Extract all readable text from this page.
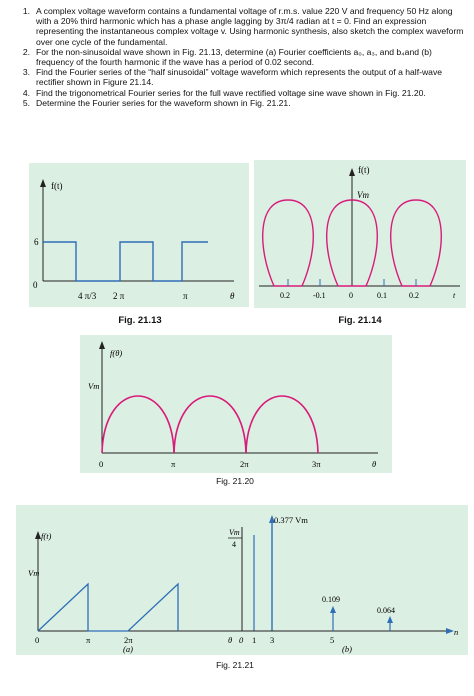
1. A complex voltage waveform contains a fundamental voltage of r.m.s. value 220 V and frequency 50 Hz along with a 20% third harmonic which has a phase angle lagging by 3π/4 radian at t = 0. Find an expression representing the instantaneous complex voltage v. Using harmonic synthesis, also sketch the complex waveform over one cycle of the fundamental.
2. For the non-sinusoidal wave shown in Fig. 21.13, determine (a) Fourier coefficients a₀, a₃, and b₄and (b) frequency of the fourth harmonic if the wave has a period of 0.02 second.
3. Find the Fourier series of the “half sinusoidal” voltage waveform which represents the output of a half-wave rectifier shown in Figure 21.14.
4. Find the trigonometrical Fourier series for the full wave rectified voltage sine wave shown in Fig. 21.20.
5. Determine the Fourier series for the waveform shown in Fig. 21.21.
f(t)
6
0
4 π/3 2 π	π	θ
Fig. 21.13
f(t)
Vm
0.2	-0.1	0	0.1	0.2	t
Fig. 21.14
f(θ)
Vm
0	π	2π	3π	θ
Fig. 21.20
f(t)
Vm
0	π	2π	θ
(a)
Vm
4
0.377 Vm
0.109
0.064
0 1 3	5
n
(b)
Fig. 21.21
